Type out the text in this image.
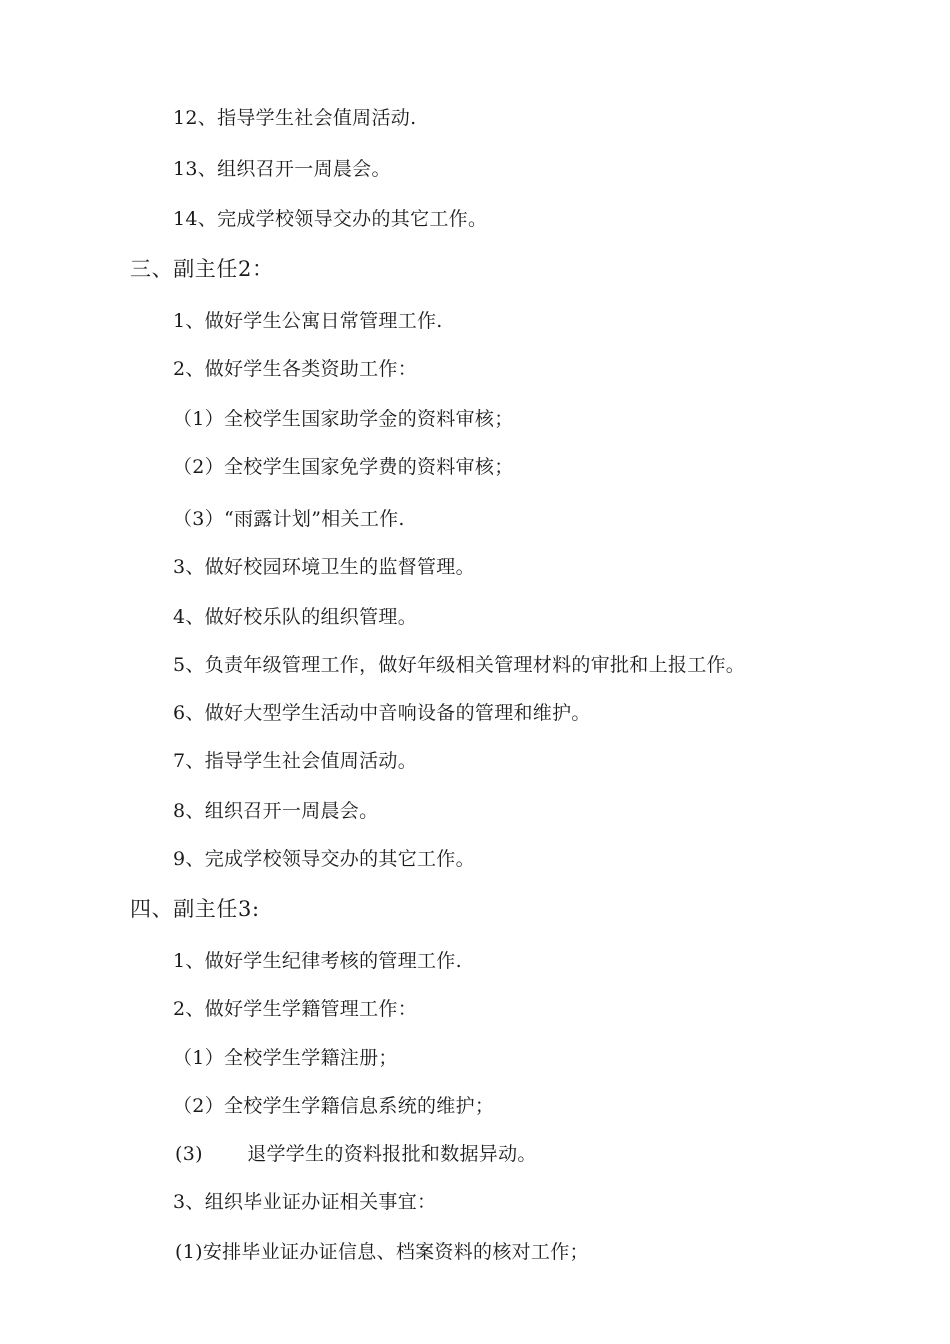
12、指导学生社会值周活动.
13、组织召开一周晨会。
14、完成学校领导交办的其它工作。
三、副主任2：
1、做好学生公寓日常管理工作.
2、做好学生各类资助工作：
（1）全校学生国家助学金的资料审核；
（2）全校学生国家免学费的资料审核；
（3）“雨露计划”相关工作.
3、做好校园环境卫生的监督管理。
4、做好校乐队的组织管理。
5、负责年级管理工作，做好年级相关管理材料的审批和上报工作。
6、做好大型学生活动中音响设备的管理和维护。
7、指导学生社会值周活动。
8、组织召开一周晨会。
9、完成学校领导交办的其它工作。
四、副主任3:
1、做好学生纪律考核的管理工作.
2、做好学生学籍管理工作：
（1）全校学生学籍注册；
（2）全校学生学籍信息系统的维护；
(3)       退学学生的资料报批和数据异动。
3、组织毕业证办证相关事宜：
(1)安排毕业证办证信息、档案资料的核对工作；
